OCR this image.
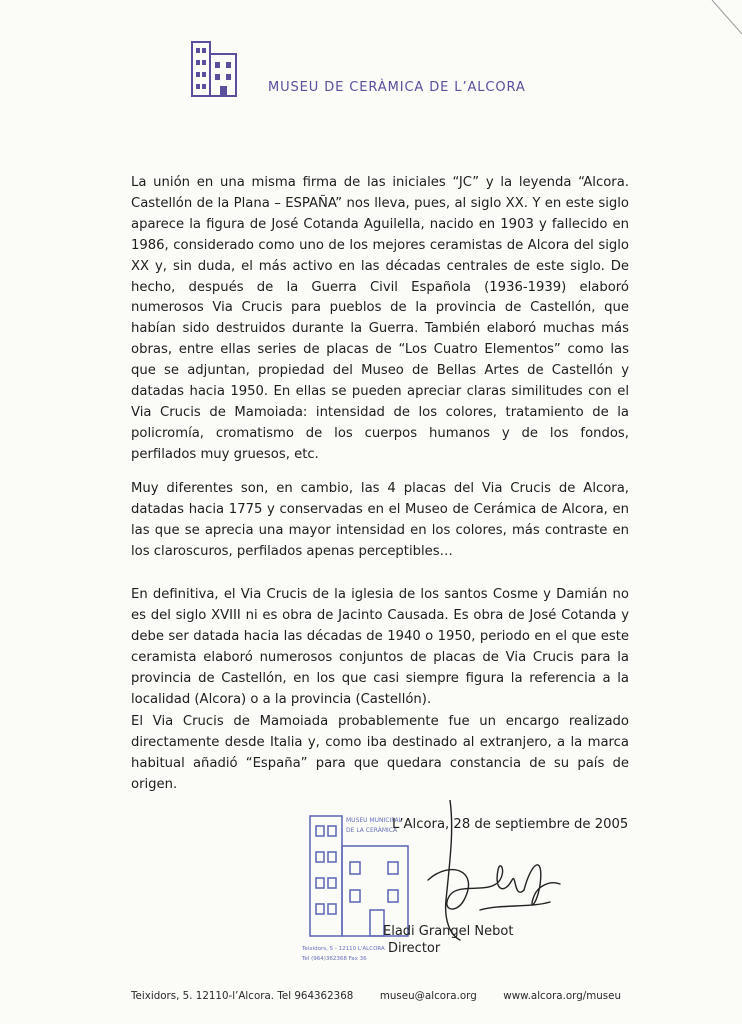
MUSEU DE CERÀMICA DE L’ALCORA
La unión en una misma firma de las iniciales “JC” y la leyenda “Alcora. Castellón de la Plana – ESPAÑA” nos lleva, pues, al siglo XX. Y en este siglo aparece la figura de José Cotanda Aguilella, nacido en 1903 y fallecido en 1986, considerado como uno de los mejores ceramistas de Alcora del siglo XX y, sin duda, el más activo en las décadas centrales de este siglo. De hecho, después de la Guerra Civil Española (1936-1939) elaboró numerosos Via Crucis para pueblos de la provincia de Castellón, que habían sido destruidos durante la Guerra. También elaboró muchas más obras, entre ellas series de placas de “Los Cuatro Elementos” como las que se adjuntan, propiedad del Museo de Bellas Artes de Castellón y datadas hacia 1950. En ellas se pueden apreciar claras similitudes con el Via Crucis de Mamoiada: intensidad de los colores, tratamiento de la policromía, cromatismo de los cuerpos humanos y de los fondos, perfilados muy gruesos, etc.
Muy diferentes son, en cambio, las 4 placas del Via Crucis de Alcora, datadas hacia 1775 y conservadas en el Museo de Cerámica de Alcora, en las que se aprecia una mayor intensidad en los colores, más contraste en los claroscuros, perfilados apenas perceptibles…
En definitiva, el Via Crucis de la iglesia de los santos Cosme y Damián no es del siglo XVIII ni es obra de Jacinto Causada. Es obra de José Cotanda y debe ser datada hacia las décadas de 1940 o 1950, periodo en el que este ceramista elaboró numerosos conjuntos de placas de Via Crucis para la provincia de Castellón, en los que casi siempre figura la referencia a la localidad (Alcora) o a la provincia (Castellón).
El Via Crucis de Mamoiada probablemente fue un encargo realizado directamente desde Italia y, como iba destinado al extranjero, a la marca habitual añadió “España” para que quedara constancia de su país de origen.
MUSEU MUNICIPAL
DE LA CERÀMICA
Teixidors, 5 - 12110 L'ALCORA
Tel (964)362368 Fax 36
L’Alcora, 28 de septiembre de 2005
Eladi Grangel Nebot
Director
Teixidors, 5. 12110-l’Alcora. Tel 964362368	museu@alcora.org	www.alcora.org/museu
